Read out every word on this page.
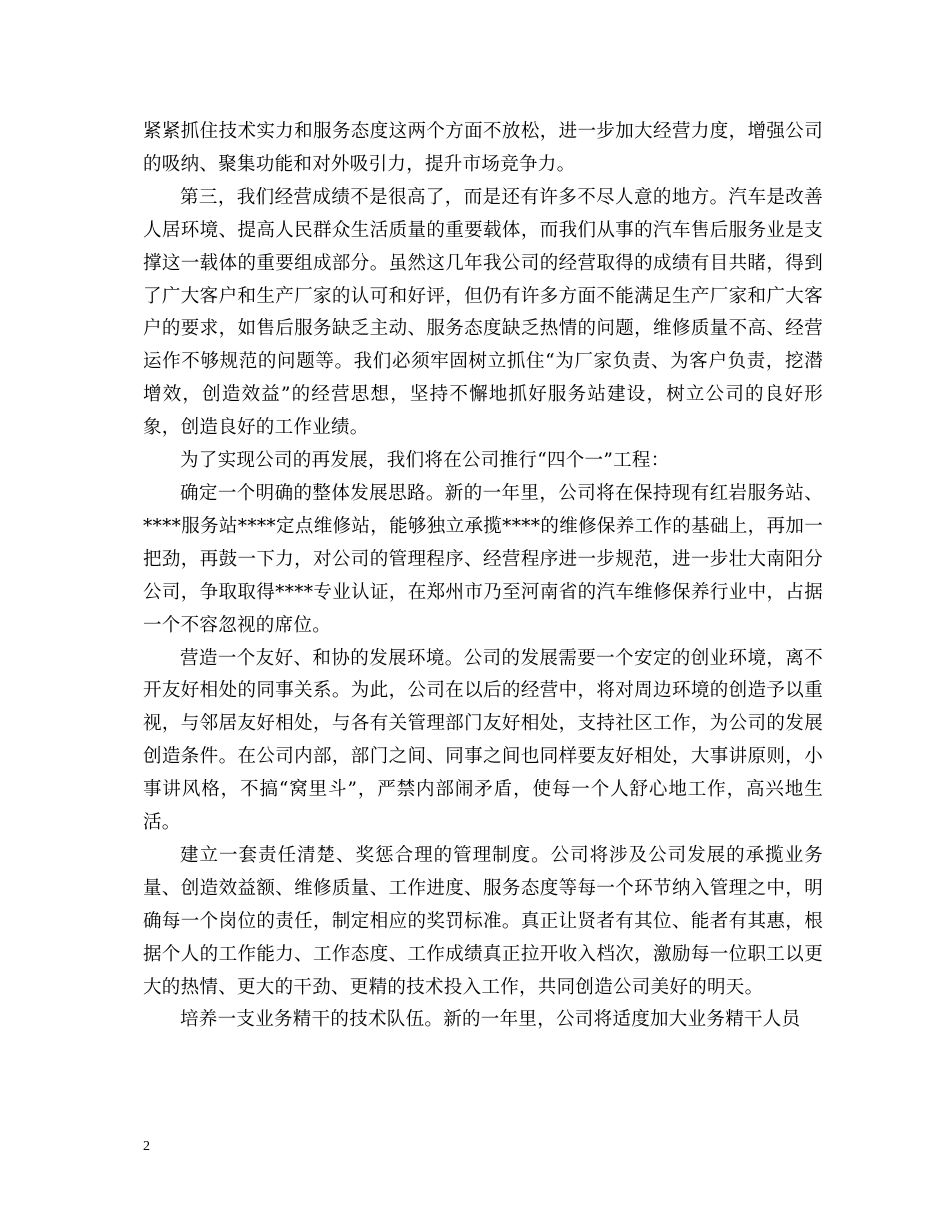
紧紧抓住技术实力和服务态度这两个方面不放松，进一步加大经营力度，增强公司的吸纳、聚集功能和对外吸引力，提升市场竞争力。

第三，我们经营成绩不是很高了，而是还有许多不尽人意的地方。汽车是改善人居环境、提高人民群众生活质量的重要载体，而我们从事的汽车售后服务业是支撑这一载体的重要组成部分。虽然这几年我公司的经营取得的成绩有目共睹，得到了广大客户和生产厂家的认可和好评，但仍有许多方面不能满足生产厂家和广大客户的要求，如售后服务缺乏主动、服务态度缺乏热情的问题，维修质量不高、经营运作不够规范的问题等。我们必须牢固树立抓住“为厂家负责、为客户负责，挖潜增效，创造效益”的经营思想，坚持不懈地抓好服务站建设，树立公司的良好形象，创造良好的工作业绩。

为了实现公司的再发展，我们将在公司推行“四个一”工程：

确定一个明确的整体发展思路。新的一年里，公司将在保持现有红岩服务站、****服务站****定点维修站，能够独立承揽****的维修保养工作的基础上，再加一把劲，再鼓一下力，对公司的管理程序、经营程序进一步规范，进一步壮大南阳分公司，争取取得****专业认证，在郑州市乃至河南省的汽车维修保养行业中，占据一个不容忽视的席位。

营造一个友好、和协的发展环境。公司的发展需要一个安定的创业环境，离不开友好相处的同事关系。为此，公司在以后的经营中，将对周边环境的创造予以重视，与邻居友好相处，与各有关管理部门友好相处，支持社区工作，为公司的发展创造条件。在公司内部，部门之间、同事之间也同样要友好相处，大事讲原则，小事讲风格，不搞“窝里斗”，严禁内部闹矛盾，使每一个人舒心地工作，高兴地生活。

建立一套责任清楚、奖惩合理的管理制度。公司将涉及公司发展的承揽业务量、创造效益额、维修质量、工作进度、服务态度等每一个环节纳入管理之中，明确每一个岗位的责任，制定相应的奖罚标准。真正让贤者有其位、能者有其惠，根据个人的工作能力、工作态度、工作成绩真正拉开收入档次，激励每一位职工以更大的热情、更大的干劲、更精的技术投入工作，共同创造公司美好的明天。

培养一支业务精干的技术队伍。新的一年里，公司将适度加大业务精干人员

2
